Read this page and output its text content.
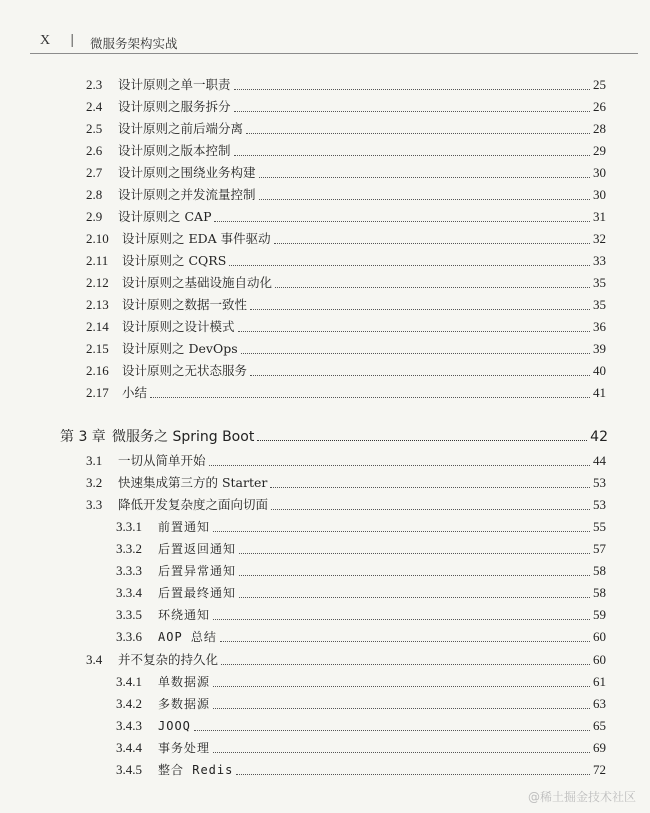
X | 微服务架构实战
2.3	设计原则之单一职责	25
2.4	设计原则之服务拆分	26
2.5	设计原则之前后端分离	28
2.6	设计原则之版本控制	29
2.7	设计原则之围绕业务构建	30
2.8	设计原则之并发流量控制	30
2.9	设计原则之 CAP	31
2.10	设计原则之 EDA 事件驱动	32
2.11	设计原则之 CQRS	33
2.12	设计原则之基础设施自动化	35
2.13	设计原则之数据一致性	35
2.14	设计原则之设计模式	36
2.15	设计原则之 DevOps	39
2.16	设计原则之无状态服务	40
2.17	小结	41
第 3 章 微服务之 Spring Boot	42
3.1	一切从简单开始	44
3.2	快速集成第三方的 Starter	53
3.3	降低开发复杂度之面向切面	53
3.3.1	前置通知	55
3.3.2	后置返回通知	57
3.3.3	后置异常通知	58
3.3.4	后置最终通知	58
3.3.5	环绕通知	59
3.3.6	AOP 总结	60
3.4	并不复杂的持久化	60
3.4.1	单数据源	61
3.4.2	多数据源	63
3.4.3	JOOQ	65
3.4.4	事务处理	69
3.4.5	整合 Redis	72
@稀土掘金技术社区
